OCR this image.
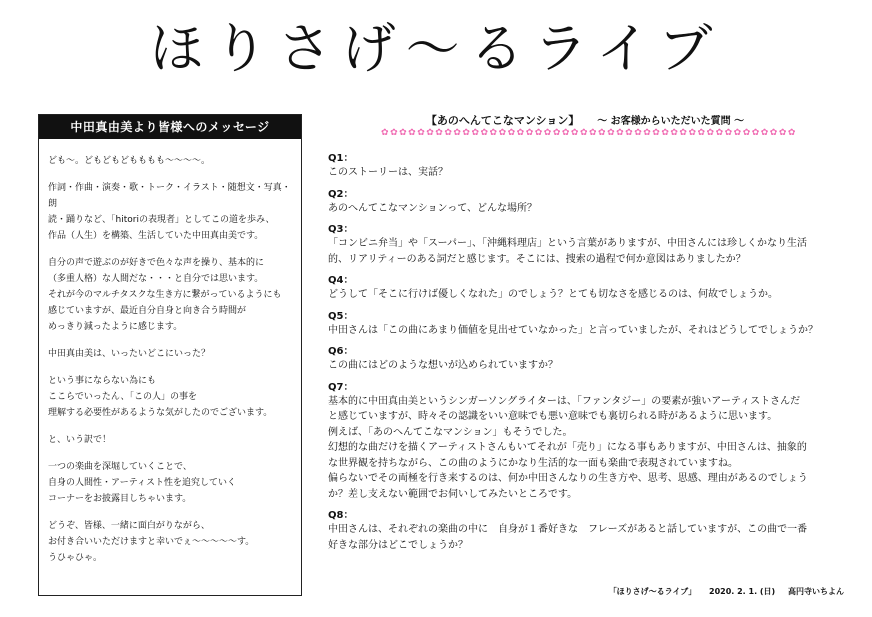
ほりさげ〜るライブ
中田真由美より皆様へのメッセージ

ども〜。どもどもどもももも〜〜〜〜。

作詞・作曲・演奏・歌・トーク・イラスト・随想文・写真・朗
読・踊りなど、「hitoriの表現者」としてこの道を歩み、
作品（人生）を構築、生活していた中田真由美です。

自分の声で遊ぶのが好きで色々な声を操り、基本的に
（多重人格）な人間だな・・・と自分では思います。
それが今のマルチタスクな生き方に繋がっているようにも
感じていますが、最近自分自身と向き合う時間が
めっきり減ったように感じます。

中田真由美は、いったいどこにいった？

という事にならない為にも
ここらでいったん、「この人」の事を
理解する必要性があるような気がしたのでございます。

と、いう訳で！

一つの楽曲を深堀していくことで、
自身の人間性・アーティスト性を追究していく
コーナーをお披露目しちゃいます。

どうぞ、皆様、一緒に面白がりながら、
お付き合いいただけますと幸いでぇ〜〜〜〜〜す。
うひゃひゃ。

【あのへんてこなマンション】 〜 お客様からいただいた質問 〜
✿✿✿✿✿✿✿✿✿✿✿✿✿✿✿✿✿✿✿✿✿✿✿✿✿✿✿✿✿✿✿✿✿✿✿✿✿✿✿✿✿✿✿✿✿✿
Q1：
このストーリーは、実話？
Q2：
あのへんてこなマンションって、どんな場所？
Q3：
「コンビニ弁当」や「スーパー」、「沖縄料理店」という言葉がありますが、中田さんには珍しくかなり生活
的、リアリティーのある詞だと感じます。そこには、捜索の過程で何か意図はありましたか？
Q4：
どうして「そこに行けば優しくなれた」のでしょう？とても切なさを感じるのは、何故でしょうか。
Q5：
中田さんは「この曲にあまり価値を見出せていなかった」と言っていましたが、それはどうしてでしょうか？
Q6：
この曲にはどのような想いが込められていますか？
Q7：
基本的に中田真由美というシンガーソングライターは、「ファンタジー」の要素が強いアーティストさんだ
と感じていますが、時々その認識をいい意味でも悪い意味でも裏切られる時があるように思います。
例えば、「あのへんてこなマンション」もそうでした。
幻想的な曲だけを描くアーティストさんもいてそれが「売り」になる事もありますが、中田さんは、抽象的
な世界観を持ちながら、この曲のようにかなり生活的な一面も楽曲で表現されていますね。
偏らないでその両極を行き来するのは、何か中田さんなりの生き方や、思考、思感、理由があるのでしょう
か？差し支えない範囲でお伺いしてみたいところです。
Q8：
中田さんは、それぞれの楽曲の中に　自身が１番好きな　フレーズがあると話していますが、この曲で一番
好きな部分はどこでしょうか？
「ほりさげ〜るライブ」 2020. 2. 1. (日) 高円寺いちよん
